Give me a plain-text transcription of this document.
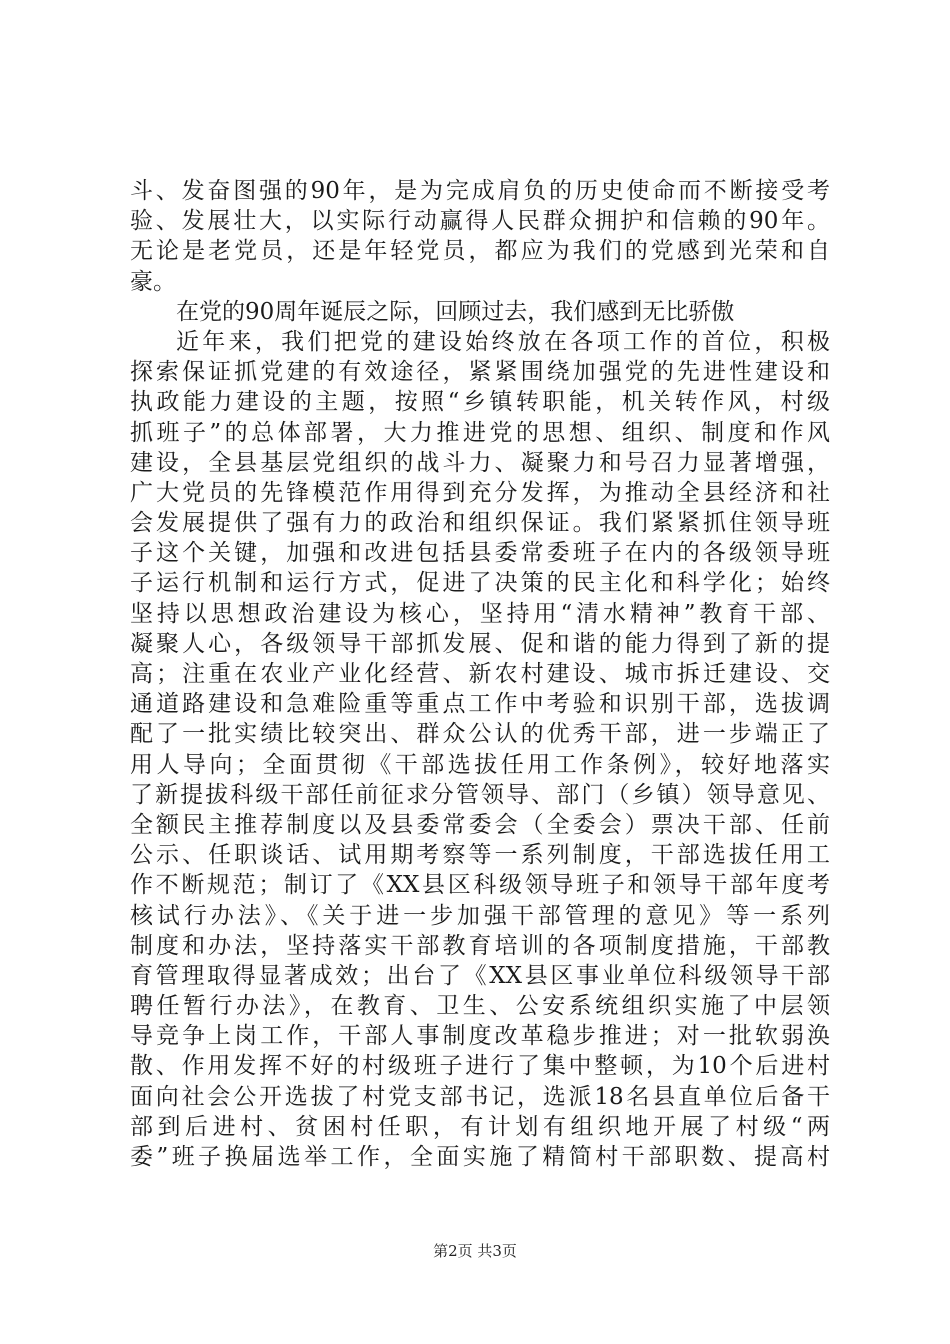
斗、发奋图强的90年，是为完成肩负的历史使命而不断接受考
验、发展壮大，以实际行动赢得人民群众拥护和信赖的90年。
无论是老党员，还是年轻党员，都应为我们的党感到光荣和自
豪。
在党的90周年诞辰之际，回顾过去，我们感到无比骄傲
近年来，我们把党的建设始终放在各项工作的首位，积极
探索保证抓党建的有效途径，紧紧围绕加强党的先进性建设和
执政能力建设的主题，按照“乡镇转职能，机关转作风，村级
抓班子”的总体部署，大力推进党的思想、组织、制度和作风
建设，全县基层党组织的战斗力、凝聚力和号召力显著增强，
广大党员的先锋模范作用得到充分发挥，为推动全县经济和社
会发展提供了强有力的政治和组织保证。我们紧紧抓住领导班
子这个关键，加强和改进包括县委常委班子在内的各级领导班
子运行机制和运行方式，促进了决策的民主化和科学化；始终
坚持以思想政治建设为核心，坚持用“清水精神”教育干部、
凝聚人心，各级领导干部抓发展、促和谐的能力得到了新的提
高；注重在农业产业化经营、新农村建设、城市拆迁建设、交
通道路建设和急难险重等重点工作中考验和识别干部，选拔调
配了一批实绩比较突出、群众公认的优秀干部，进一步端正了
用人导向；全面贯彻《干部选拔任用工作条例》，较好地落实
了新提拔科级干部任前征求分管领导、部门（乡镇）领导意见、
全额民主推荐制度以及县委常委会（全委会）票决干部、任前
公示、任职谈话、试用期考察等一系列制度，干部选拔任用工
作不断规范；制订了《XX县区科级领导班子和领导干部年度考
核试行办法》、《关于进一步加强干部管理的意见》等一系列
制度和办法，坚持落实干部教育培训的各项制度措施，干部教
育管理取得显著成效；出台了《XX县区事业单位科级领导干部
聘任暂行办法》，在教育、卫生、公安系统组织实施了中层领
导竞争上岗工作，干部人事制度改革稳步推进；对一批软弱涣
散、作用发挥不好的村级班子进行了集中整顿，为10个后进村
面向社会公开选拔了村党支部书记，选派18名县直单位后备干
部到后进村、贫困村任职，有计划有组织地开展了村级“两
委”班子换届选举工作，全面实施了精简村干部职数、提高村
第2页 共3页
